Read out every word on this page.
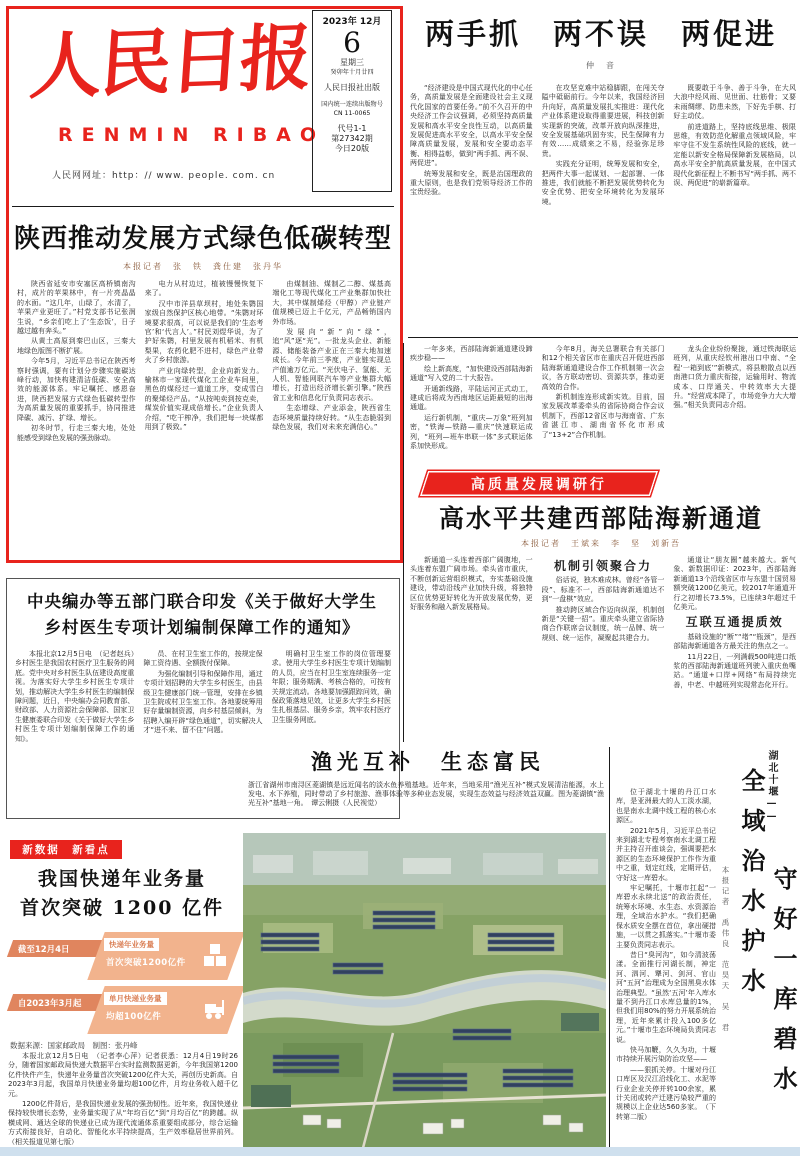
人民日报
RENMIN RIBAO
人民网网址：http：// www. people. com. cn
2023年 12月
6
星期三
癸卯年十月廿四
人民日报社出版
国内统一连续出版物号
CN 11-0065
代号1-1
第27342期
今日20版
陕西推动发展方式绿色低碳转型
本报记者　张　铁　龚仕建　张丹华

陕西省延安市安塞区高桥镇南沟村，成片的苹果林中，有一片亮晶晶的水面。“这几年，山绿了，水清了，苹果产业更旺了。”村党支部书记张润生说，“乡亲们吃上了‘生态饭’，日子越过越有奔头。”

从黄土高原到秦巴山区，三秦大地绿色版图不断扩展。

今年5月，习近平总书记在陕西考察时强调，要有计划分步骤实施碳达峰行动，加快构建清洁低碳、安全高效的能源体系。牢记嘱托、感恩奋进，陕西把发展方式绿色低碳转型作为高质量发展的重要抓手，协同推进降碳、减污、扩绿、增长。

初冬时节，行走三秦大地，处处能感受到绿色发展的强劲脉动。

电力从村边过，植被慢慢恢复下来了。

汉中市洋县草坝村，地处朱鹮国家级自然保护区核心地带。“朱鹮对环境要求很高，可以说是我们的‘生态考官’和‘代言人’。”村民刘煜华说，为了护好朱鹮，村里发展有机稻米、有机梨果，农药化肥不进村，绿色产业带火了乡村旅游。

产业向绿转型，企业向新发力。榆林市一家现代煤化工企业车间里，黑色的煤经过一道道工序，变成雪白的聚烯烃产品。“从按吨卖到按克卖，煤炭价值实现成倍增长。”企业负责人介绍，“吃干榨净，我们把每一块煤都用到了极致。”

由煤制油、煤制乙二醇、煤基高端化工等现代煤化工产业集群加快壮大，其中煤制烯烃（甲醇）产业链产值规模已迈上千亿元，产品畅销国内外市场。

发展向“新”向“绿”，追“风”逐“光”。一批龙头企业、新能源、储能装备产业正在三秦大地加速成长。今年前三季度，产业链实现总产值逾万亿元。“光伏电子、氢能、无人机、智能网联汽车等产业集群大幅增长，打造出经济增长新引擎。”陕西省工业和信息化厅负责同志表示。

生态增绿、产业添金，陕西省生态环境质量持续好转。“从生态脆弱到绿色发展，我们对未来充满信心。”

两手抓　两不误　两促进
仲　音

“经济建设是中国式现代化的中心任务，高质量发展是全面建设社会主义现代化国家的首要任务。”前不久召开的中央经济工作会议强调，必须坚持高质量发展和高水平安全良性互动，以高质量发展促进高水平安全，以高水平安全保障高质量发展，发展和安全要动态平衡、相得益彰，做到“两手抓、两不误、两促进”。

统筹发展和安全，既是治国理政的重大原则，也是我们党领导经济工作的宝贵经验。

在攻坚克难中站稳脚跟，在闯关夺隘中砥砺前行。今年以来，我国经济回升向好，高质量发展扎实推进：现代化产业体系建设取得重要进展，科技创新实现新的突破，改革开放向纵深推进，安全发展基础巩固夯实，民生保障有力有效……成绩来之不易，经验弥足珍贵。

实践充分证明，统筹发展和安全，把两件大事一起谋划、一起部署、一体推进，我们就能不断把发展优势转化为安全优势、把安全环境转化为发展环境。

既要敢于斗争、善于斗争，在大风大浪中经风雨、见世面、壮筋骨；又要未雨绸缪、防患未然，下好先手棋、打好主动仗。

前进道路上，坚持底线思维、极限思维，有效防范化解重点领域风险，牢牢守住不发生系统性风险的底线，就一定能以新安全格局保障新发展格局，以高水平安全护航高质量发展，在中国式现代化新征程上不断书写“两手抓、两不误、两促进”的崭新篇章。

一年多来，西部陆海新通道建设蹄疾步稳——

绘上新高度，“加快建设西部陆海新通道”写入党的二十大报告。

开通新线路，平陆运河正式动工，建成后将成为西南地区运距最短的出海通道。

运行新机制，“重庆—万象”班列加密，“铁海—铁路—重庆”快速联运成列，“班列—班车串联一体”多式联运体系加快形成。

今年8月，海关总署联合有关部门和12个相关省区市在重庆召开促进西部陆海新通道建设合作工作机制第一次会议，各方联动密切、资源共享，推动更高效的合作。

新机制连连形成新实效。目前，国家发展改革委牵头的省际协商合作会议机制下，西部12省区市与海南省、广东省湛江市、湖南省怀化市形成了“13+2”合作机制。

龙头企业纷纷聚拢，通过铁海联运班列，从重庆经钦州港出口中南、“全程‘一箱到底’”新模式，将县粮散点以西南港口货力重庆衔接，运输用时、物流成本、口岸通关、中转效率大大提升。“经营成本降了，市场竞争力大大增强。”相关负责同志介绍。

高质量发展调研行
高水平共建西部陆海新通道
本报记者　王斌来　李　坚　刘新吾

新通道一头连着西部广阔腹地，一头连着东盟广阔市场。牵头省市重庆，不断创新运营组织模式，夯实基础设施建设，带动沿线产业加快升级，将独特区位优势更好转化为开放发展优势，更好服务和融入新发展格局。

机制引领聚合力

俗话说，独木难成林。曾经“各管一段”、标准不一，西部陆海新通道达不到“一盘棋”效应。

推动跨区域合作迈向纵深，机制创新是“关键一招”。重庆牵头建立省际协商合作联席会议制度，统一品牌、统一规则、统一运作，凝聚起共建合力。

通道让“朋友圈”越来越大。新气象、新数据印证：2023年，西部陆海新通道13个沿线省区市与东盟十国贸易额突破1200亿美元，较2017年通道开行之初增长73.5%，已连续3年超过千亿美元。

互联互通提质效

基础设施的“断”“堵”“瓶颈”，是西部陆海新通道各方最关注的焦点之一。

11月22日，一列满载500吨进口纸浆的西部陆海新通道班列驶入重庆鱼嘴站。“通道+口岸+网络”布局持续完善，中老、中越班列实现常态化开行。

中央编办等五部门联合印发《关于做好大学生
乡村医生专项计划编制保障工作的通知》

本报北京12月5日电　（记者赵兵）乡村医生是我国农村医疗卫生服务的网底。党中央对乡村医生队伍建设高度重视。为落实好大学生乡村医生专项计划，推动解决大学生乡村医生的编制保障问题，近日，中央编办会同教育部、财政部、人力资源社会保障部、国家卫生健康委联合印发《关于做好大学生乡村医生专项计划编制保障工作的通知》。

员、在村卫生室工作的，按规定保障工资待遇、全额拨付保障。

为强化编制引导和保障作用，通过专项计划招聘的大学生乡村医生，由县级卫生健康部门统一管理，安排在乡镇卫生院或村卫生室工作。各地要统筹用好存量编制资源，向乡村基层倾斜，为招聘入编开辟“绿色通道”，切实解决人才“进不来、留不住”问题。

明确村卫生室工作的岗位管理要求。使用大学生乡村医生专项计划编制的人员，应当在村卫生室连续服务一定年限；服务期满、考核合格的，可按有关规定流动。各地要加强跟踪问效，确保政策落地见效，让更多大学生乡村医生扎根基层、服务乡亲，筑牢农村医疗卫生服务网底。

新数据　新看点
我国快递年业务量
首次突破 1200 亿件
截至12月4日	快递年业务量
首次突破1200亿件
自2023年3月起	单月快递业务量
均超100亿件
数据来源：国家邮政局　制图：张丹峰

本报北京12月5日电　（记者李心萍）记者获悉：12月4日19时26分，随着国家邮政局快递大数据平台实时监测数据更新，今年我国第1200亿件快件产生，快递年业务量首次突破1200亿件大关，再创历史新高。自2023年3月起，我国单月快递业务量均超100亿件，月均业务收入超千亿元。

1200亿件背后，是我国快递业发展的强劲韧性。近年来，我国快递业保持较快增长态势，业务量实现了从“年均百亿”到“月均百亿”的跨越。纵横成网、通达全球的快递业已成为现代流通体系重要组成部分，综合运输方式衔接良好，自动化、智能化水平持续提高，生产效率稳居世界前列。（相关报道见第七版）

渔光互补　生态富民
浙江省湖州市南浔区菱湖镇是远近闻名的淡水鱼养殖基地。近年来，当地采用“渔光互补”模式发展清洁能源，水上发电、水下养殖，同时带动了乡村旅游、渔事体验等多种业态发展，实现生态效益与经济效益双赢。图为菱湖镇“渔光互补”基地一角。　谭云俐摄（人民视觉）

位于湖北十堰的丹江口水库，是亚洲最大的人工淡水湖，也是南水北调中线工程的核心水源区。

2021年5月，习近平总书记来到湖北专程考察南水北调工程并主持召开座谈会，强调要把水源区的生态环境保护工作作为重中之重，划定红线，定期评估，守好这一库碧水。

牢记嘱托，十堰市扛起“一库碧水永续北送”的政治责任，统筹水环境、水生态、水资源治理，全域治水护水。“我们把确保水质安全摆在首位，拿出硬措施，一以贯之抓落实。”十堰市委主要负责同志表示。

昔日“臭河沟”，如今清波荡漾。全面推行河湖长制，神定河、泗河、犟河、剑河、官山河“五河”治理成为全国黑臭水体治理典型。“虽然‘五河’年入库水量不到丹江口水库总量的1%，但我们用80%的努力开展系统治理，近年来累计投入100多亿元。”十堰市生态环境局负责同志说。

快马加鞭，久久为功，十堰市持续开展污染防治攻坚——

——狠抓关停。十堰对丹江口库区及汉江沿线化工、水泥等行业企业关停并转100余家，累计关闭或转产迁建污染较严重的规模以上企业达560多家。　（下转第二版）

湖北十堰——
全域治水护水 守好一库碧水
本报记者　禹伟良　范昊天　吴　君
